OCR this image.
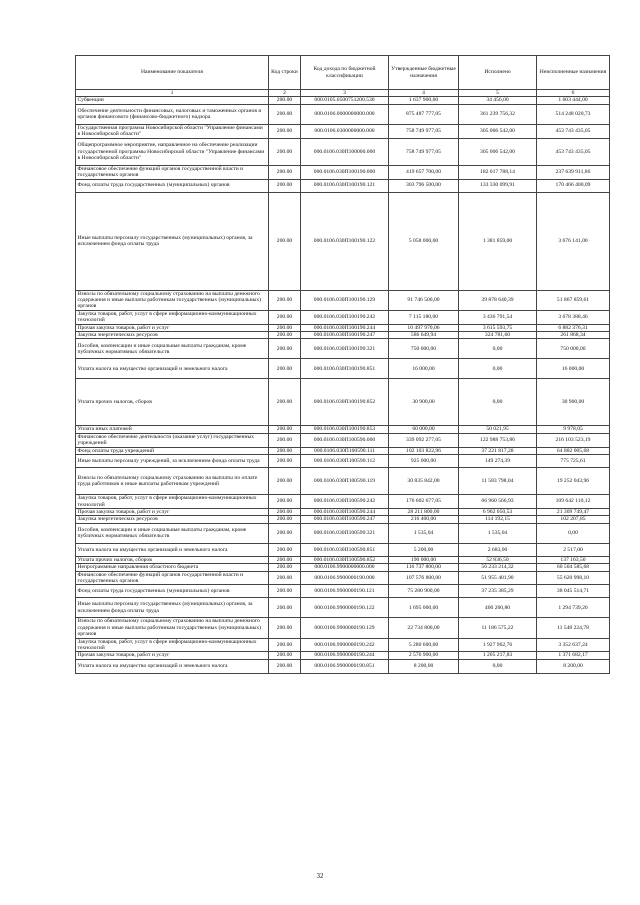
Наименование показателя	Код строки	Код дохода по бюджетной классификации	Утвержденные бюджетные назначения	Исполнено	Неисполненные назначения
1	2	3	4	5	6
Субвенции	200.00	000.0105.0500751200.530	1 637 900,00	34 456,00	1 603 444,00
Обеспечение деятельности финансовых, налоговых и таможенных органов и органов финансового (финансово-бюджетного) надзора	200.00	000.0106.0000000000.000	875 487 777,05	361 239 756,32	514 248 020,73
Государственная программа Новосибирской области "Управление финансами в Новосибирской области"	200.00	000.0106.0300000000.000	758 749 977,05	305 006 542,00	453 743 435,05
Общепрограммное мероприятие, направленное на обеспечение реализации государственной программы Новосибирской области "Управление финансами в Новосибирской области"	200.00	000.0106.030П100000.000	758 749 977,05	305 006 542,00	453 743 435,05
Финансовое обеспечение функций органов государственной власти и государственных органов	200.00	000.0106.030П100190.000	419 657 700,00	182 017 788,14	237 639 911,86
Фонд оплаты труда государственных (муниципальных) органов	200.00	000.0106.030П100190.121	303 796 500,00	133 330 099,91	170 466 400,09
Иные выплаты персоналу государственных (муниципальных) органов, за исключением фонда оплаты труда	200.00	000.0106.030П100190.122	5 058 000,00	1 381 859,00	3 676 141,00
Взносы по обязательному социальному страхованию на выплаты денежного содержания и иные выплаты работникам государственных (муниципальных) органов	200.00	000.0106.030П100190.129	91 746 500,00	39 878 640,39	51 867 859,61
Закупка товаров, работ, услуг в сфере информационно-коммуникационных технологий	200.00	000.0106.030П100190.242	7 115 180,00	3 436 791,54	3 678 388,46
Прочая закупка товаров, работ и услуг	200.00	000.0106.030П100190.244	10 497 970,06	3 615 593,75	6 882 376,31
Закупка энергетических ресурсов	200.00	000.0106.030П100190.247	586 649,94	324 781,60	261 868,34
Пособия, компенсации и иные социальные выплаты гражданам, кроме публичных нормативных обязательств	200.00	000.0106.030П100190.321	750 000,00	0,00	750 000,00
Уплата налога на имущество организаций и земельного налога	200.00	000.0106.030П100190.851	16 000,00	0,00	16 000,00
Уплата прочих налогов, сборов	200.00	000.0106.030П100190.852	30 900,00	0,00	30 900,00
Уплата иных платежей	200.00	000.0106.030П100190.853	60 000,00	50 021,95	9 978,05
Финансовое обеспечение деятельности (оказание услуг) государственных учреждений	200.00	000.0106.030П100590.000	339 092 277,05	122 988 753,86	216 103 523,19
Фонд оплаты труда учреждений	200.00	000.0106.030П100590.111	102 103 822,96	37 221 817,28	64 882 005,68
Иные выплаты персоналу учреждений, за исключением фонда оплаты труда	200.00	000.0106.030П100590.112	925 000,00	149 274,39	775 725,61
Взносы по обязательному социальному страхованию на выплаты по оплате труда работников и иные выплаты работникам учреждений	200.00	000.0106.030П100590.119	30 835 842,00	11 583 798,04	19 252 043,96
Закупка товаров, работ, услуг в сфере информационно-коммуникационных технологий	200.00	000.0106.030П100590.242	176 602 677,05	66 960 566,93	109 642 110,12
Прочая закупка товаров, работ и услуг	200.00	000.0106.030П100590.244	28 211 800,00	6 902 050,53	21 309 749,47
Закупка энергетических ресурсов	200.00	000.0106.030П100590.247	216 400,00	114 192,15	102 207,85
Пособия, компенсации и иные социальные выплаты гражданам, кроме публичных нормативных обязательств	200.00	000.0106.030П100590.321	1 535,04	1 535,04	0,00
Уплата налога на имущество организаций и земельного налога	200.00	000.0106.030П100590.851	5 200,00	2 683,00	2 517,00
Уплата прочих налогов, сборов	200.00	000.0106.030П100590.852	190 000,00	52 836,50	137 163,50
Непрограммные направления областного бюджета	200.00	000.0106.9900000000.000	116 737 800,00	56 233 214,32	60 504 585,68
Финансовое обеспечение функций органов государственной власти и государственных органов	200.00	000.0106.9900000190.000	107 576 800,00	51 955 401,90	55 620 998,10
Фонд оплаты труда государственных (муниципальных) органов	200.00	000.0106.9900000190.121	75 280 900,00	37 235 385,29	38 045 514,71
Иные выплаты персоналу государственных (муниципальных) органов, за исключением фонда оплаты труда	200.00	000.0106.9900000190.122	1 695 000,00	400 260,80	1 294 739,20
Взносы по обязательному социальному страхованию на выплаты денежного содержания и иные выплаты работникам государственных (муниципальных) органов	200.00	000.0106.9900000190.129	22 734 800,00	11 186 575,22	11 548 224,78
Закупка товаров, работ, услуг в сфере информационно-коммуникационных технологий	200.00	000.0106.9900000190.242	5 280 600,00	1 927 962,76	3 352 637,24
Прочая закупка товаров, работ и услуг	200.00	000.0106.9900000190.244	2 576 900,00	1 205 217,83	1 371 682,17
Уплата налога на имущество организаций и земельного налога	200.00	000.0106.9900000190.851	8 200,00	0,00	8 200,00
32
